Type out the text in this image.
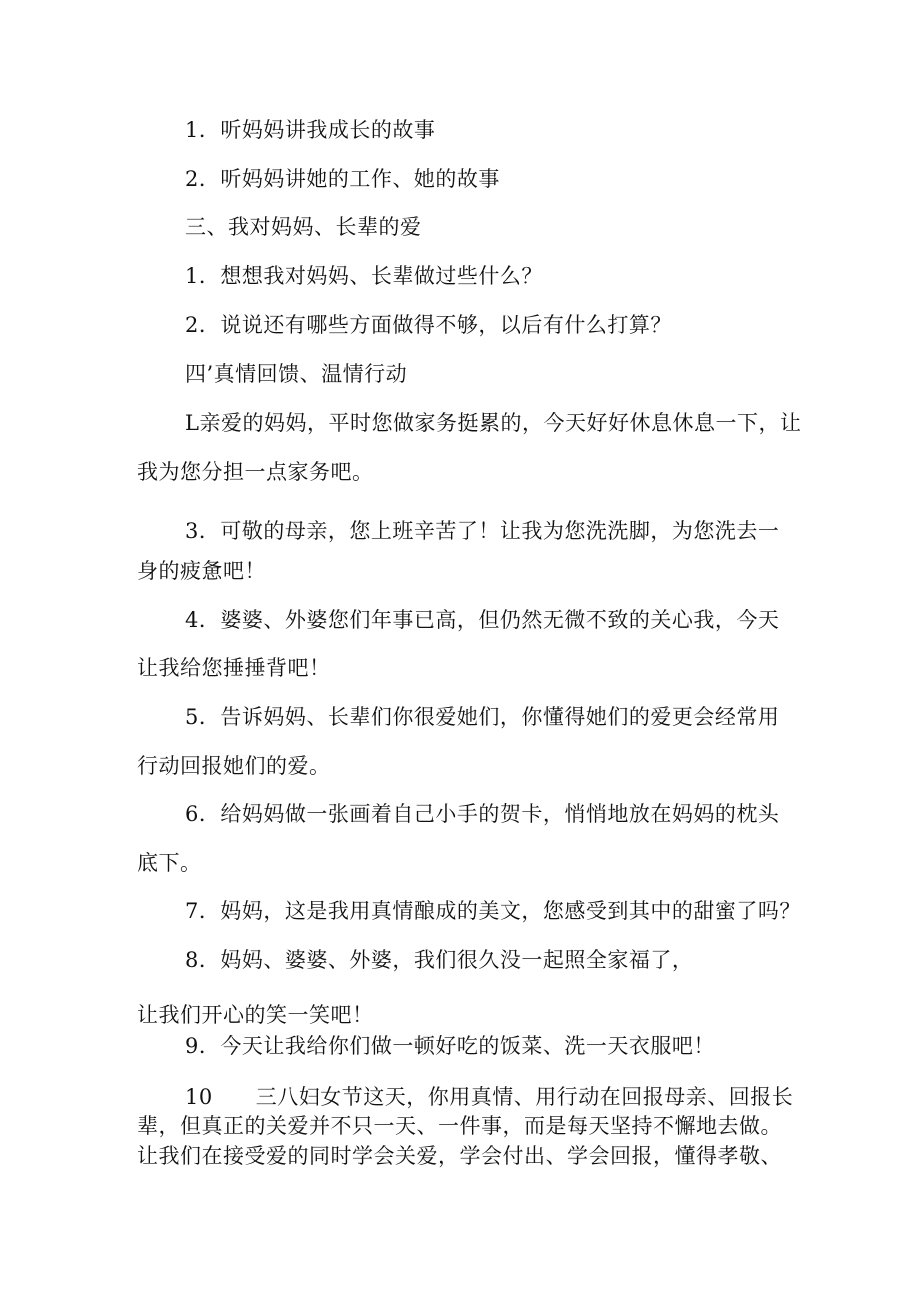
1．听妈妈讲我成长的故事
2．听妈妈讲她的工作、她的故事
三、我对妈妈、长辈的爱
1．想想我对妈妈、长辈做过些什么？
2．说说还有哪些方面做得不够，以后有什么打算？
四’真情回馈、温情行动
L亲爱的妈妈，平时您做家务挺累的，今天好好休息休息一下，让
我为您分担一点家务吧。
3．可敬的母亲，您上班辛苦了！让我为您洗洗脚，为您洗去一
身的疲惫吧！
4．婆婆、外婆您们年事已高，但仍然无微不致的关心我，今天
让我给您捶捶背吧！
5．告诉妈妈、长辈们你很爱她们，你懂得她们的爱更会经常用
行动回报她们的爱。
6．给妈妈做一张画着自己小手的贺卡，悄悄地放在妈妈的枕头
底下。
7．妈妈，这是我用真情酿成的美文，您感受到其中的甜蜜了吗？
8．妈妈、婆婆、外婆，我们很久没一起照全家福了，
让我们开心的笑一笑吧！
9．今天让我给你们做一顿好吃的饭菜、洗一天衣服吧！
10　　三八妇女节这天，你用真情、用行动在回报母亲、回报长
辈，但真正的关爱并不只一天、一件事，而是每天坚持不懈地去做。
让我们在接受爱的同时学会关爱，学会付出、学会回报，懂得孝敬、
